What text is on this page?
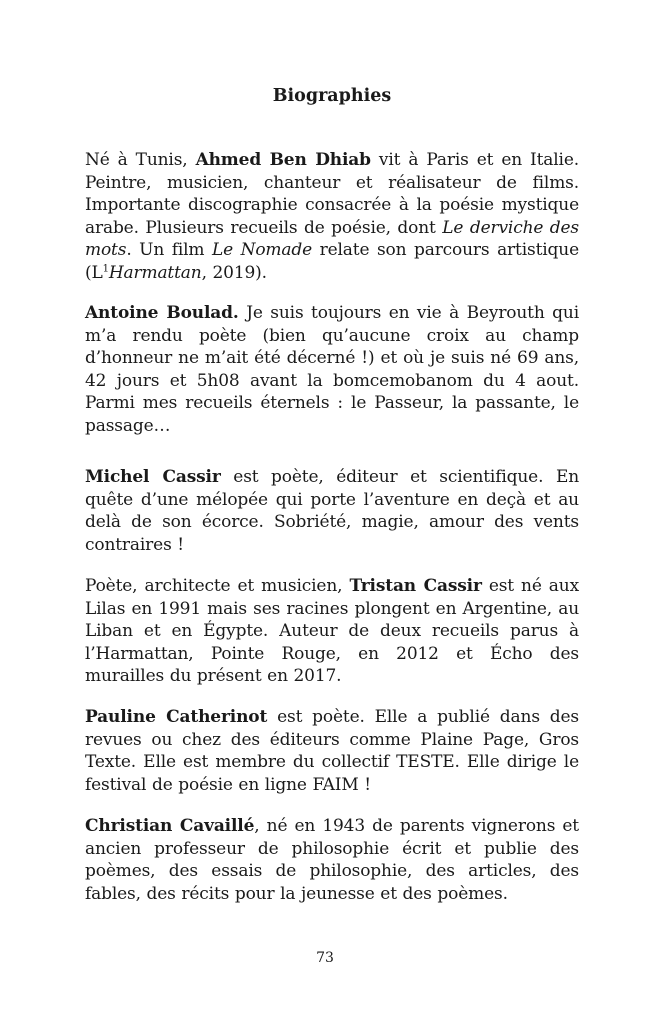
Biographies

Né à Tunis, Ahmed Ben Dhiab vit à Paris et en Italie. Peintre, musicien, chanteur et réalisateur de films. Importante discographie consacrée à la poésie mystique arabe. Plusieurs recueils de poésie, dont Le derviche des mots. Un film Le Nomade relate son parcours artistique ($L^1Harmattan$, 2019).

Antoine Boulad. Je suis toujours en vie à Beyrouth qui m’a rendu poète (bien qu’aucune croix au champ d’honneur ne m’ait été décerné !) et où je suis né 69 ans, 42 jours et 5h08 avant la bomcemobanom du 4 aout. Parmi mes recueils éternels : le Passeur, la passante, le passage…

Michel Cassir est poète, éditeur et scientifique. En quête d’une mélopée qui porte l’aventure en deçà et au delà de son écorce. Sobriété, magie, amour des vents contraires !

Poète, architecte et musicien, Tristan Cassir est né aux Lilas en 1991 mais ses racines plongent en Argentine, au Liban et en Égypte. Auteur de deux recueils parus à l’Harmattan, Pointe Rouge, en 2012 et Écho des murailles du présent en 2017.

Pauline Catherinot est poète. Elle a publié dans des revues ou chez des éditeurs comme Plaine Page, Gros Texte. Elle est membre du collectif TESTE. Elle dirige le festival de poésie en ligne FAIM !

Christian Cavaillé, né en 1943 de parents vignerons et ancien professeur de philosophie écrit et publie des poèmes, des essais de philosophie, des articles, des fables, des récits pour la jeunesse et des poèmes.

73
